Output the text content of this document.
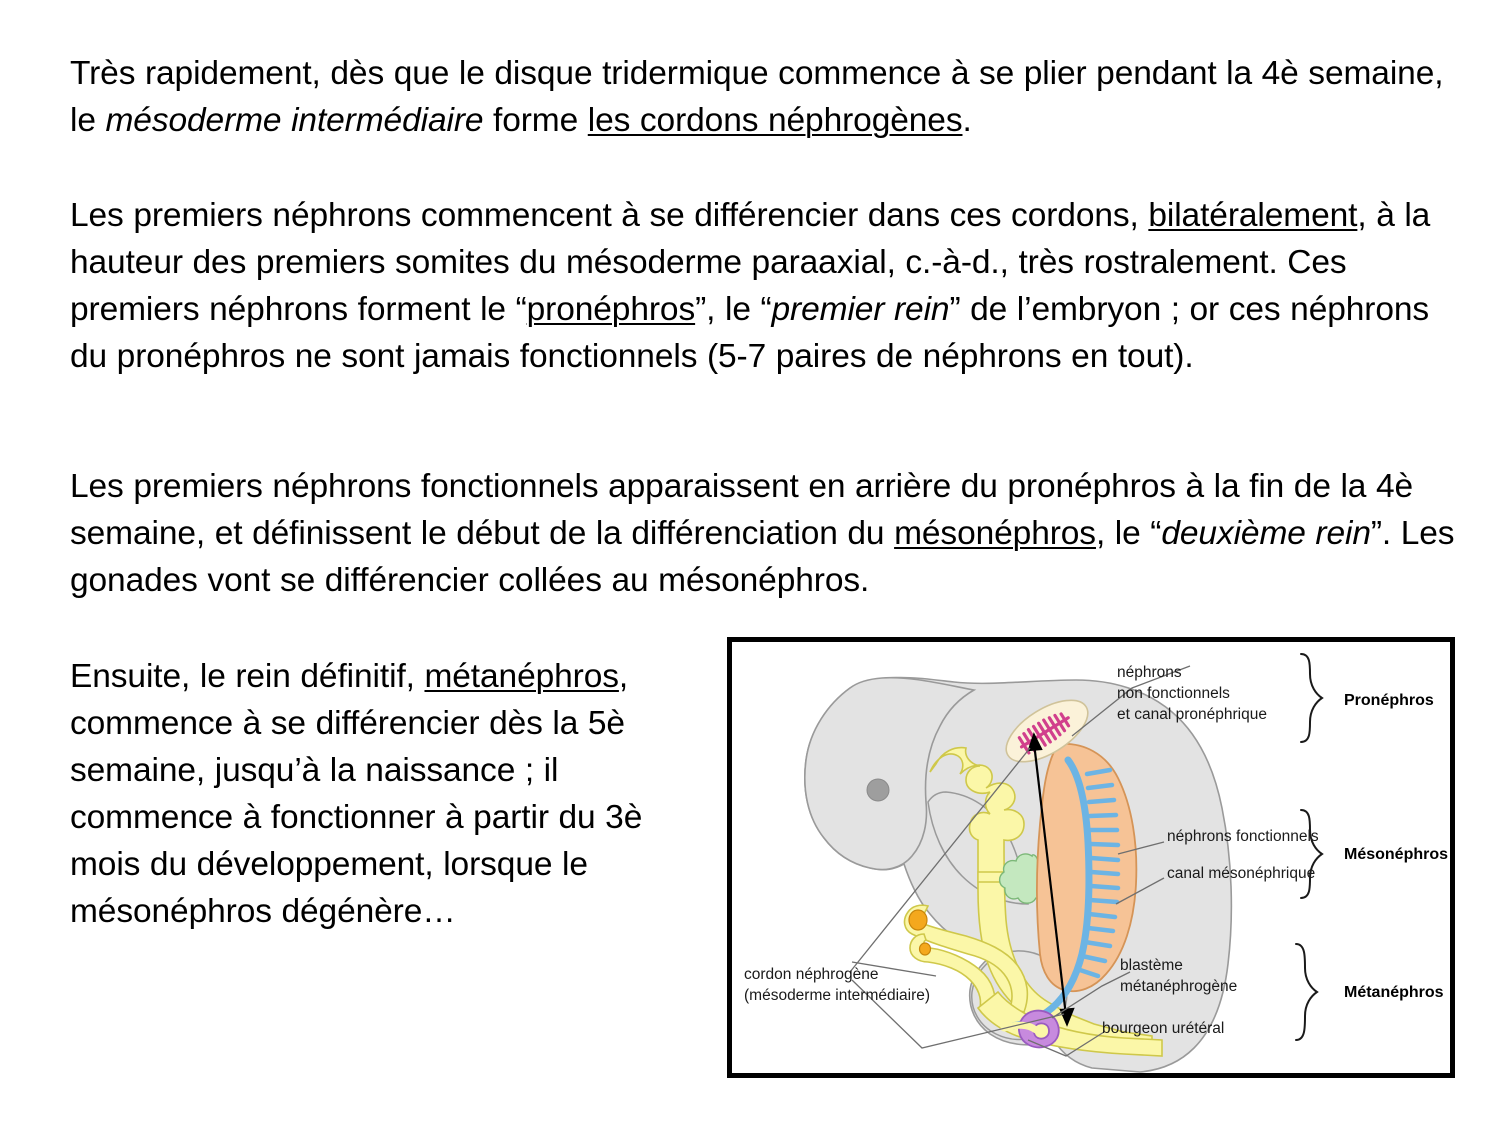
Très rapidement, dès que le disque tridermique commence à se plier pendant la 4è semaine, le mésoderme intermédiaire forme les cordons néphrogènes.
Les premiers néphrons commencent à se différencier dans ces cordons, bilatéralement, à la hauteur des premiers somites du mésoderme paraaxial, c.-à-d., très rostralement. Ces premiers néphrons forment le “pronéphros”, le “premier rein” de l’embryon ; or ces néphrons du pronéphros ne sont jamais fonctionnels (5-7 paires de néphrons en tout).
Les premiers néphrons fonctionnels apparaissent en arrière du pronéphros à la fin de la 4è semaine, et définissent le début de la différenciation du mésonéphros, le “deuxième rein”. Les gonades vont se différencier collées au mésonéphros.
Ensuite, le rein définitif, métanéphros, commence à se différencier dès la 5è semaine, jusqu’à la naissance ; il commence à fonctionner à partir du 3è mois du développement, lorsque le mésonéphros dégénère…
néphrons
non fonctionnels
et canal pronéphrique
Pronéphros
néphrons fonctionnels
canal mésonéphrique
Mésonéphros
blastème
métanéphrogène
bourgeon urétéral
Métanéphros
cordon néphrogène
(mésoderme intermédiaire)
